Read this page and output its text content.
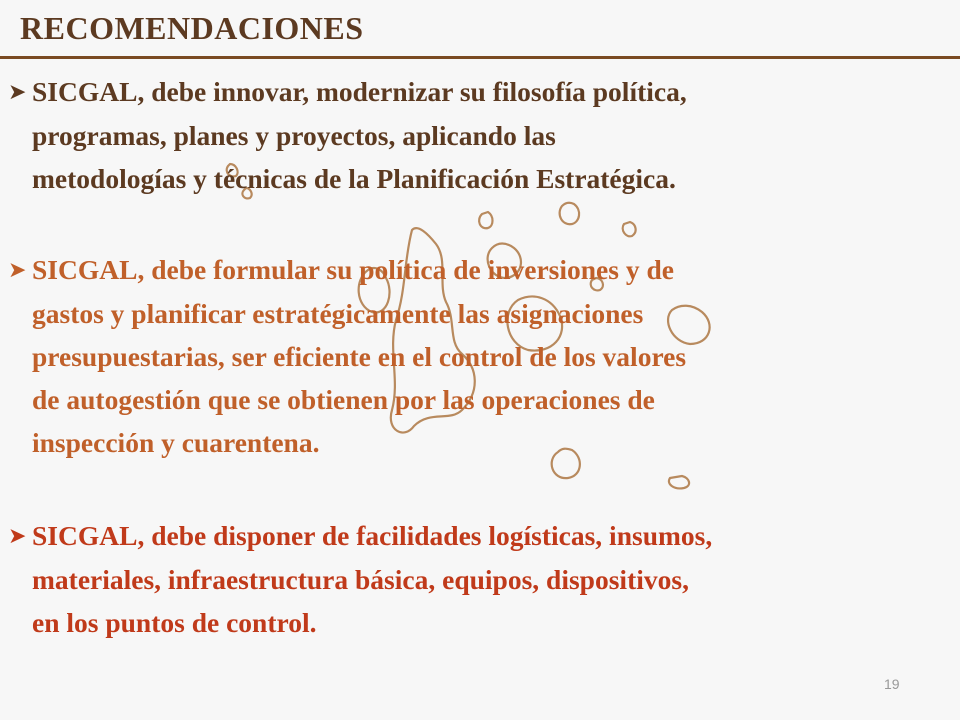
RECOMENDACIONES
➤ SICGAL, debe innovar, modernizar su filosofía política,
programas, planes y proyectos, aplicando las
metodologías y técnicas de la Planificación Estratégica.
➤ SICGAL, debe formular su política de inversiones y de
gastos y planificar estratégicamente las asignaciones
presupuestarias, ser eficiente en el control de los valores
de autogestión que se obtienen por las operaciones de
inspección y cuarentena.
➤ SICGAL, debe disponer de facilidades logísticas, insumos,
materiales, infraestructura básica, equipos, dispositivos,
en los puntos de control.
19
